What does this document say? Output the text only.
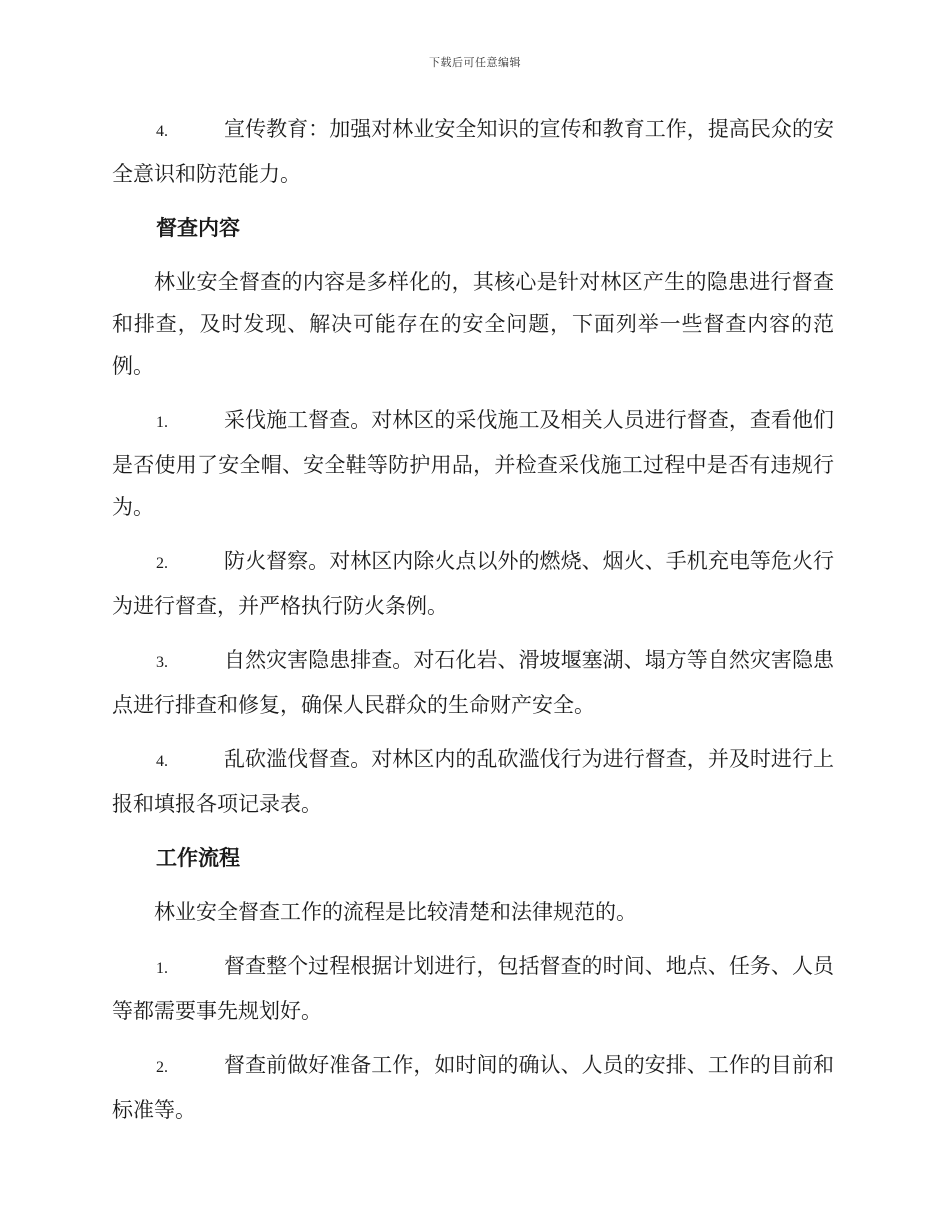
下载后可任意编辑
4.	宣传教育：加强对林业安全知识的宣传和教育工作，提高民众的安全意识和防范能力。
督查内容
林业安全督查的内容是多样化的，其核心是针对林区产生的隐患进行督查和排查，及时发现、解决可能存在的安全问题，下面列举一些督查内容的范例。
1.	采伐施工督查。对林区的采伐施工及相关人员进行督查，查看他们是否使用了安全帽、安全鞋等防护用品，并检查采伐施工过程中是否有违规行为。
2.	防火督察。对林区内除火点以外的燃烧、烟火、手机充电等危火行为进行督查，并严格执行防火条例。
3.	自然灾害隐患排查。对石化岩、滑坡堰塞湖、塌方等自然灾害隐患点进行排查和修复，确保人民群众的生命财产安全。
4.	乱砍滥伐督查。对林区内的乱砍滥伐行为进行督查，并及时进行上报和填报各项记录表。
工作流程
林业安全督查工作的流程是比较清楚和法律规范的。
1.	督查整个过程根据计划进行，包括督查的时间、地点、任务、人员等都需要事先规划好。
2.	督查前做好准备工作，如时间的确认、人员的安排、工作的目前和标准等。
